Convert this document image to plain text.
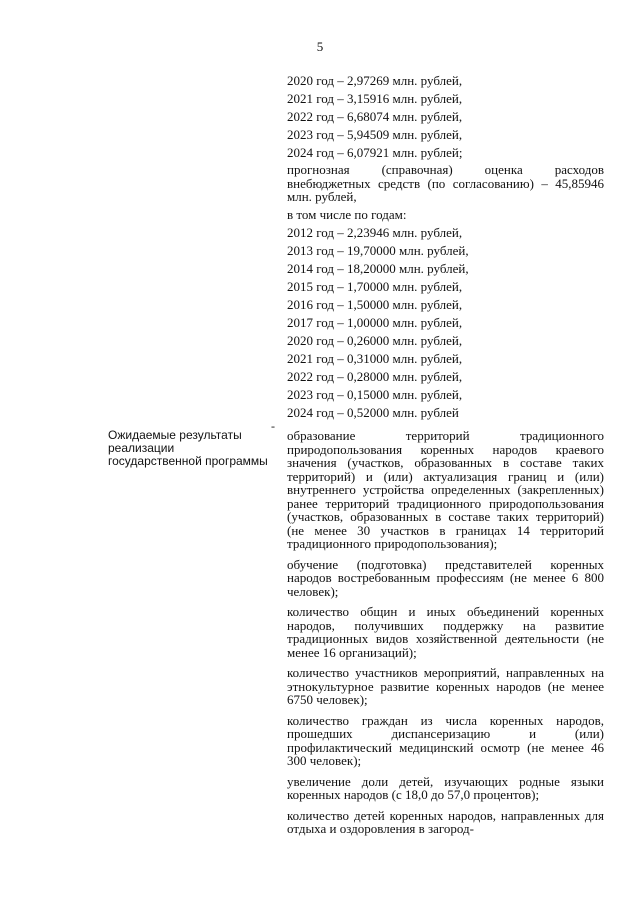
5
2020 год – 2,97269 млн. рублей,
2021 год – 3,15916 млн. рублей,
2022 год – 6,68074 млн. рублей,
2023 год – 5,94509 млн. рублей,
2024 год – 6,07921 млн. рублей;
прогнозная (справочная) оценка расходов внебюджетных средств (по согласованию) – 45,85946 млн. рублей,
в том числе по годам:
2012 год – 2,23946 млн. рублей,
2013 год – 19,70000 млн. рублей,
2014 год – 18,20000 млн. рублей,
2015 год – 1,70000 млн. рублей,
2016 год – 1,50000 млн. рублей,
2017 год – 1,00000 млн. рублей,
2020 год – 0,26000 млн. рублей,
2021 год – 0,31000 млн. рублей,
2022 год – 0,28000 млн. рублей,
2023 год – 0,15000 млн. рублей,
2024 год – 0,52000 млн. рублей
Ожидаемые результаты реализации государственной программы
-

образование территорий традиционного природопользования коренных народов краевого значения (участков, образованных в составе таких территорий) и (или) актуализация границ и (или) внутреннего устройства определенных (закрепленных) ранее территорий традиционного природопользования (участков, образованных в составе таких территорий) (не менее 30 участков в границах 14 территорий традиционного природопользования);

обучение (подготовка) представителей коренных народов востребованным профессиям (не менее 6 800 человек);

количество общин и иных объединений коренных народов, получивших поддержку на развитие традиционных видов хозяйственной деятельности (не менее 16 организаций);

количество участников мероприятий, направленных на этнокультурное развитие коренных народов (не менее 6750 человек);

количество граждан из числа коренных народов, прошедших диспансеризацию и (или) профилактический медицинский осмотр (не менее 46 300 человек);

увеличение доли детей, изучающих родные языки коренных народов (с 18,0 до 57,0 процентов);

количество детей коренных народов, направленных для отдыха и оздоровления в загород-
